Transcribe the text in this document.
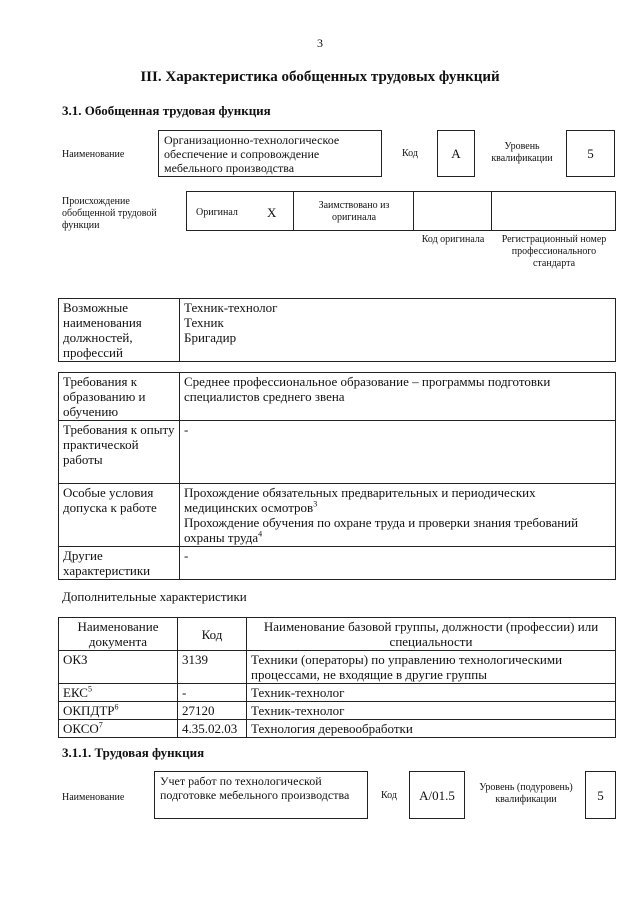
3
III. Характеристика обобщенных трудовых функций
3.1. Обобщенная трудовая функция
Наименование
Организационно-технологическое обеспечение и сопровождение мебельного производства
Код	A	Уровень квалификации	5
Происхождение обобщенной трудовой функции
Оригинал X	Заимствовано из оригинала
Код оригинала	Регистрационный номер профессионального стандарта
Возможные наименования должностей, профессий	
Техник-технолог
Техник
Бригадир
Требования к образованию и обучению	Среднее профессиональное образование – программы подготовки специалистов среднего звена
Требования к опыту практической работы	-
Особые условия допуска к работе	Прохождение обязательных предварительных и периодических медицинских осмотров$^3$
Прохождение обучения по охране труда и проверки знания требований охраны труда$^4$

Другие характеристики	-
Дополнительные характеристики
Наименование документа	Код	Наименование базовой группы, должности (профессии) или специальности
ОКЗ	3139	Техники (операторы) по управлению технологическими процессами, не входящие в другие группы
ЕКС$^5$	-	Техник-технолог
ОКПДТР$^6$	27120	Техник-технолог
ОКСО$^7$	4.35.02.03	Технология деревообработки
3.1.1. Трудовая функция
Наименование
Учет работ по технологической подготовке мебельного производства	Код	A/01.5	Уровень (подуровень) квалификации	5
